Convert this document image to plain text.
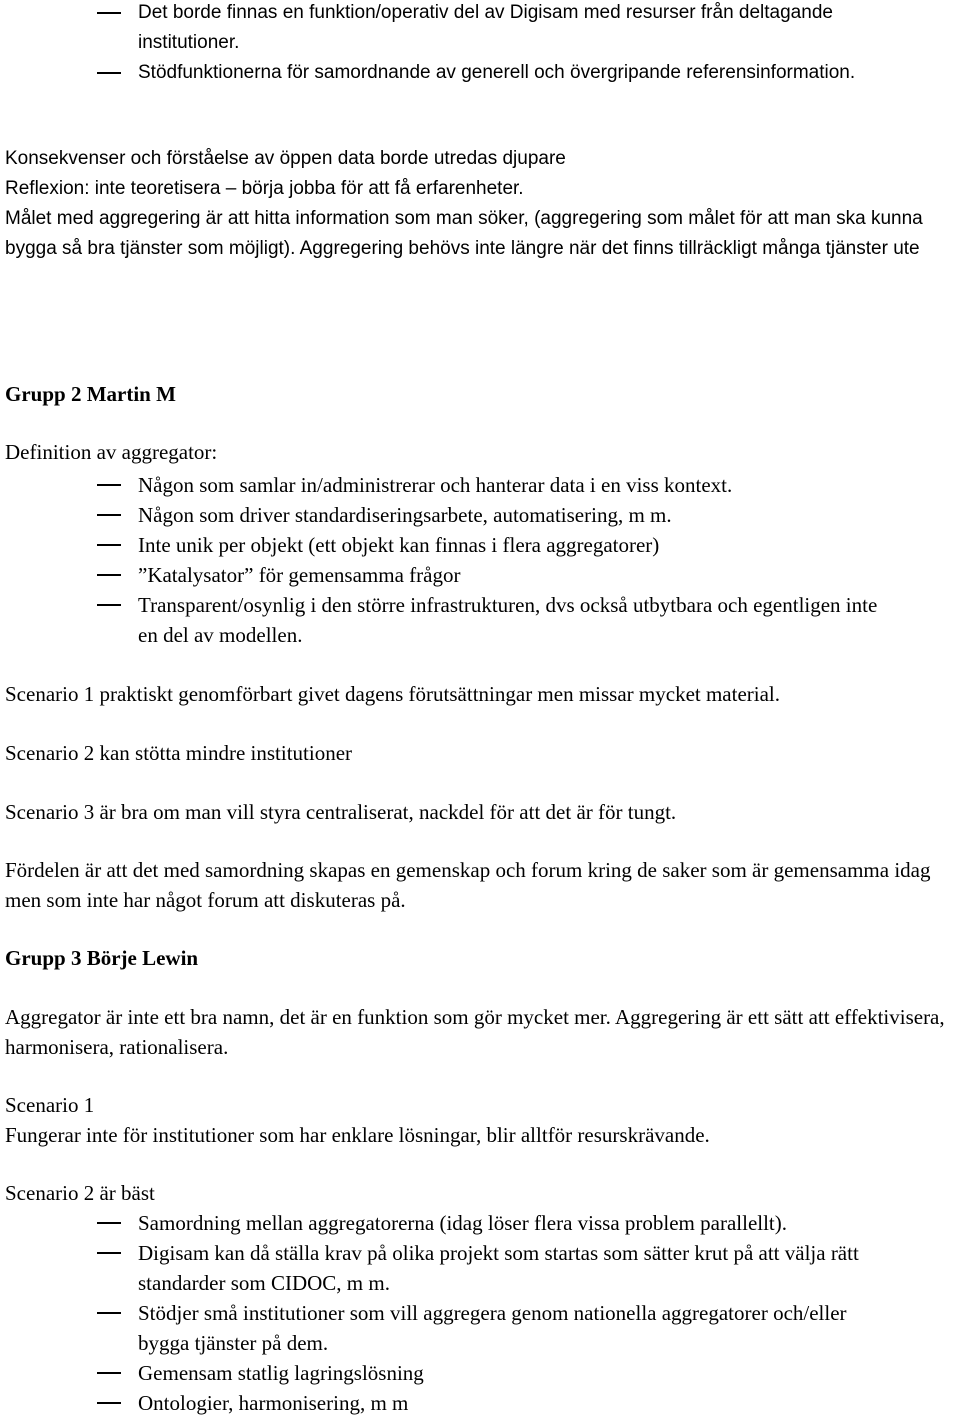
Det borde finnas en funktion/operativ del av Digisam med resurser från deltagande institutioner.
Stödfunktionerna för samordnande av generell och övergripande referensinformation.

Konsekvenser och förståelse av öppen data borde utredas djupare

Reflexion: inte teoretisera – börja jobba för att få erfarenheter.

Målet med aggregering är att hitta information som man söker, (aggregering som målet för att man ska kunna bygga så bra tjänster som möjligt). Aggregering behövs inte längre när det finns tillräckligt många tjänster ute

Grupp 2 Martin M

Definition av aggregator:

Någon som samlar in/administrerar och hanterar data i en viss kontext.
Någon som driver standardiseringsarbete, automatisering, m m.
Inte unik per objekt (ett objekt kan finnas i flera aggregatorer)
”Katalysator” för gemensamma frågor
Transparent/osynlig i den större infrastrukturen, dvs också utbytbara och egentligen inte en del av modellen.

Scenario 1 praktiskt genomförbart givet dagens förutsättningar men missar mycket material.

Scenario 2 kan stötta mindre institutioner

Scenario 3 är bra om man vill styra centraliserat, nackdel för att det är för tungt.

Fördelen är att det med samordning skapas en gemenskap och forum kring de saker som är gemensamma idag men som inte har något forum att diskuteras på.

Grupp 3 Börje Lewin

Aggregator är inte ett bra namn, det är en funktion som gör mycket mer. Aggregering är ett sätt att effektivisera, harmonisera, rationalisera.

Scenario 1

Fungerar inte för institutioner som har enklare lösningar, blir alltför resurskrävande.

Scenario 2 är bäst

Samordning mellan aggregatorerna (idag löser flera vissa problem parallellt).
Digisam kan då ställa krav på olika projekt som startas som sätter krut på att välja rätt standarder som CIDOC, m m.
Stödjer små institutioner som vill aggregera genom nationella aggregatorer och/eller bygga tjänster på dem.
Gemensam statlig lagringslösning
Ontologier, harmonisering, m m
